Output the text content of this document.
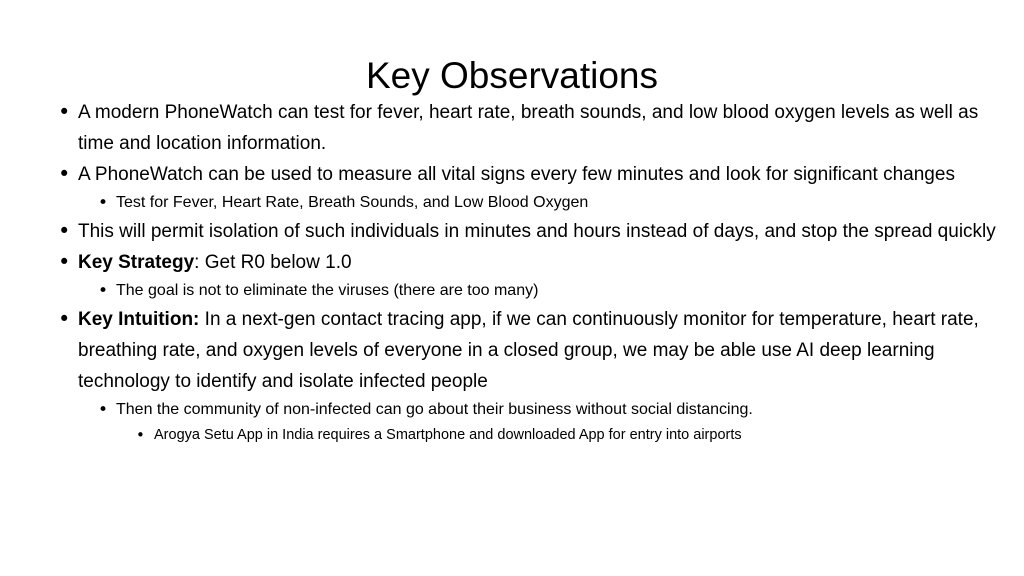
Key Observations
• A modern PhoneWatch can test for fever, heart rate, breath sounds, and low blood oxygen levels as well as time and location information.
• A PhoneWatch can be used to measure all vital signs every few minutes and look for significant changes
• Test for Fever, Heart Rate, Breath Sounds, and Low Blood Oxygen
• This will permit isolation of such individuals in minutes and hours instead of days, and stop the spread quickly
• Key Strategy: Get R0 below 1.0
• The goal is not to eliminate the viruses (there are too many)
• Key Intuition: In a next-gen contact tracing app, if we can continuously monitor for temperature, heart rate, breathing rate, and oxygen levels of everyone in a closed group, we may be able use AI deep learning technology to identify and isolate infected people
• Then the community of non-infected can go about their business without social distancing.
• Arogya Setu App in India requires a Smartphone and downloaded App for entry into airports
